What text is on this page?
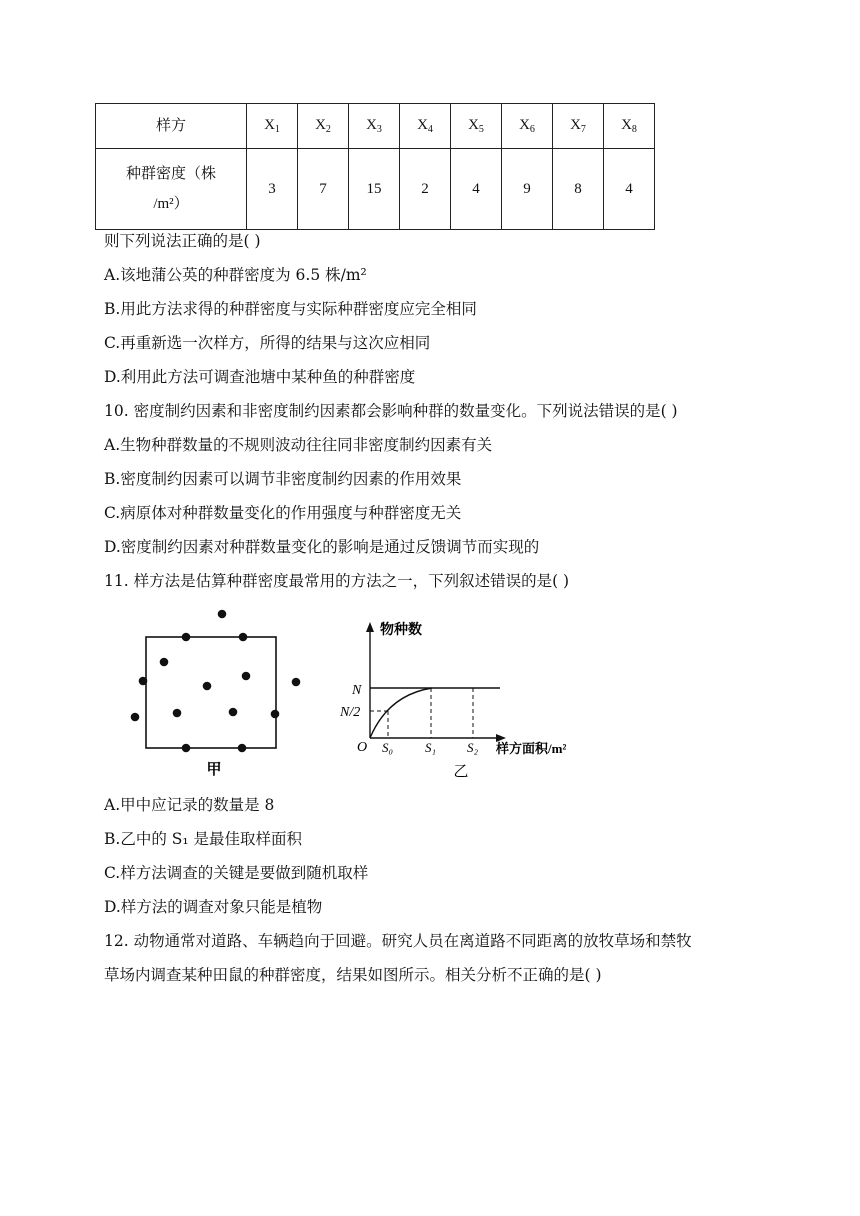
样方	$X_1$	$X_2$	$X_3$	$X_4$	$X_5$	$X_6$	$X_7$	$X_8$

种群密度（株
/m²）	3	7	15	2	4	9	8	4
则下列说法正确的是( )
A.该地蒲公英的种群密度为 6.5 株/m²
B.用此方法求得的种群密度与实际种群密度应完全相同
C.再重新选一次样方，所得的结果与这次应相同
D.利用此方法可调查池塘中某种鱼的种群密度
10. 密度制约因素和非密度制约因素都会影响种群的数量变化。下列说法错误的是( )
A.生物种群数量的不规则波动往往同非密度制约因素有关
B.密度制约因素可以调节非密度制约因素的作用效果
C.病原体对种群数量变化的作用强度与种群密度无关
D.密度制约因素对种群数量变化的影响是通过反馈调节而实现的
11. 样方法是估算种群密度最常用的方法之一，下列叙述错误的是( )
甲
物种数
样方面积/m²
N
N/2
O S₀ S₁ S₂
乙
A.甲中应记录的数量是 8
B.乙中的 S₁ 是最佳取样面积
C.样方法调查的关键是要做到随机取样
D.样方法的调查对象只能是植物
12. 动物通常对道路、车辆趋向于回避。研究人员在离道路不同距离的放牧草场和禁牧
草场内调查某种田鼠的种群密度，结果如图所示。相关分析不正确的是( )
